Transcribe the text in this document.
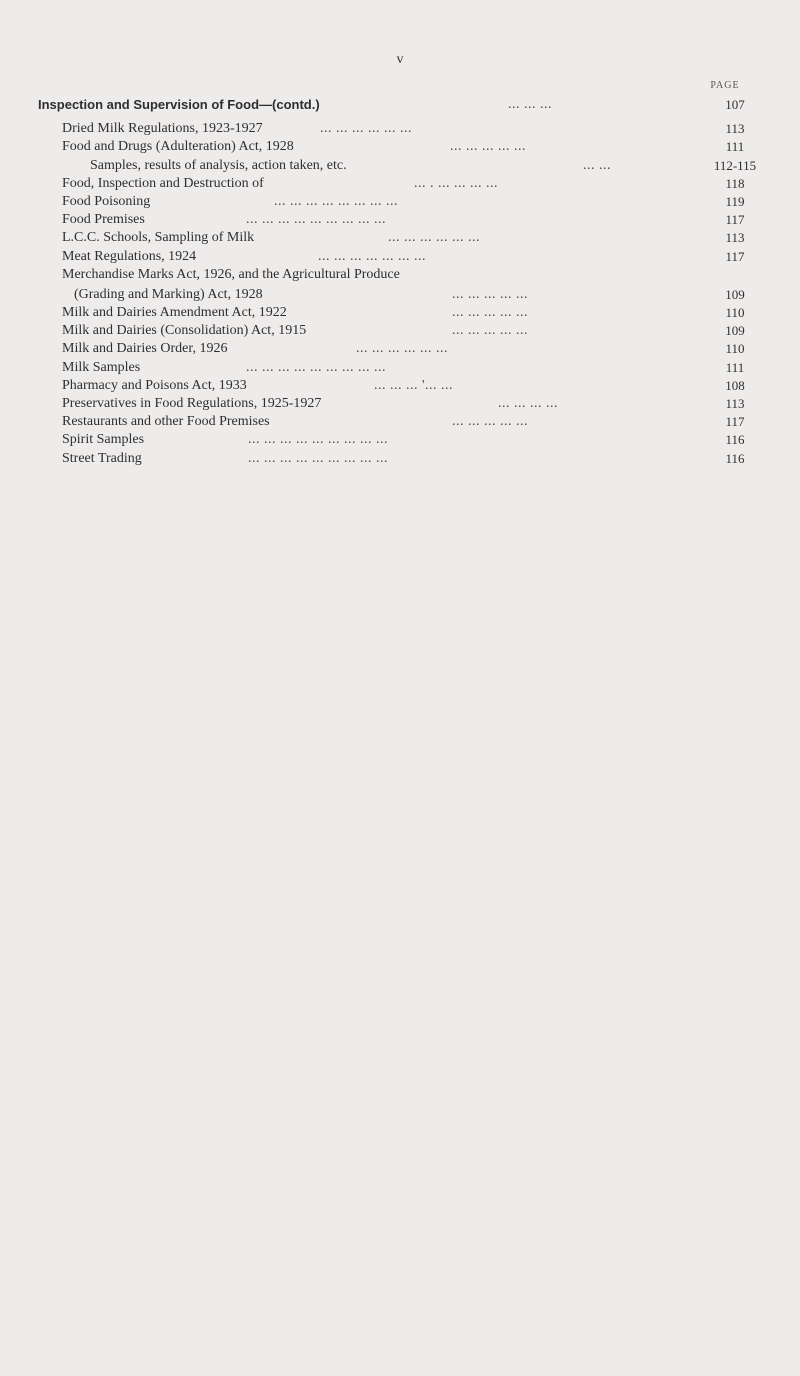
v
PAGE
Inspection and Supervision of Food—(contd.)	... ... ...	107
Dried Milk Regulations, 1923-1927	... ... ... ... ... ...	113
Food and Drugs (Adulteration) Act, 1928	... ... ... ... ...	111
Samples, results of analysis, action taken, etc.	... ...	112-115
Food, Inspection and Destruction of	... . ... ... ... ...	118
Food Poisoning	... ... ... ... ... ... ... ...	119
Food Premises	... ... ... ... ... ... ... ... ...	117
L.C.C. Schools, Sampling of Milk	... ... ... ... ... ...	113
Meat Regulations, 1924	... ... ... ... ... ... ...	117
Merchandise Marks Act, 1926, and the Agricultural Produce
(Grading and Marking) Act, 1928	... ... ... ... ...	109
Milk and Dairies Amendment Act, 1922	... ... ... ... ...	110
Milk and Dairies (Consolidation) Act, 1915	... ... ... ... ...	109
Milk and Dairies Order, 1926	... ... ... ... ... ...	110
Milk Samples	... ... ... ... ... ... ... ... ...	111
Pharmacy and Poisons Act, 1933	... ... ... '... ...	108
Preservatives in Food Regulations, 1925-1927	... ... ... ...	113
Restaurants and other Food Premises	... ... ... ... ...	117
Spirit Samples	... ... ... ... ... ... ... ... ...	116
Street Trading	... ... ... ... ... ... ... ... ...	116
